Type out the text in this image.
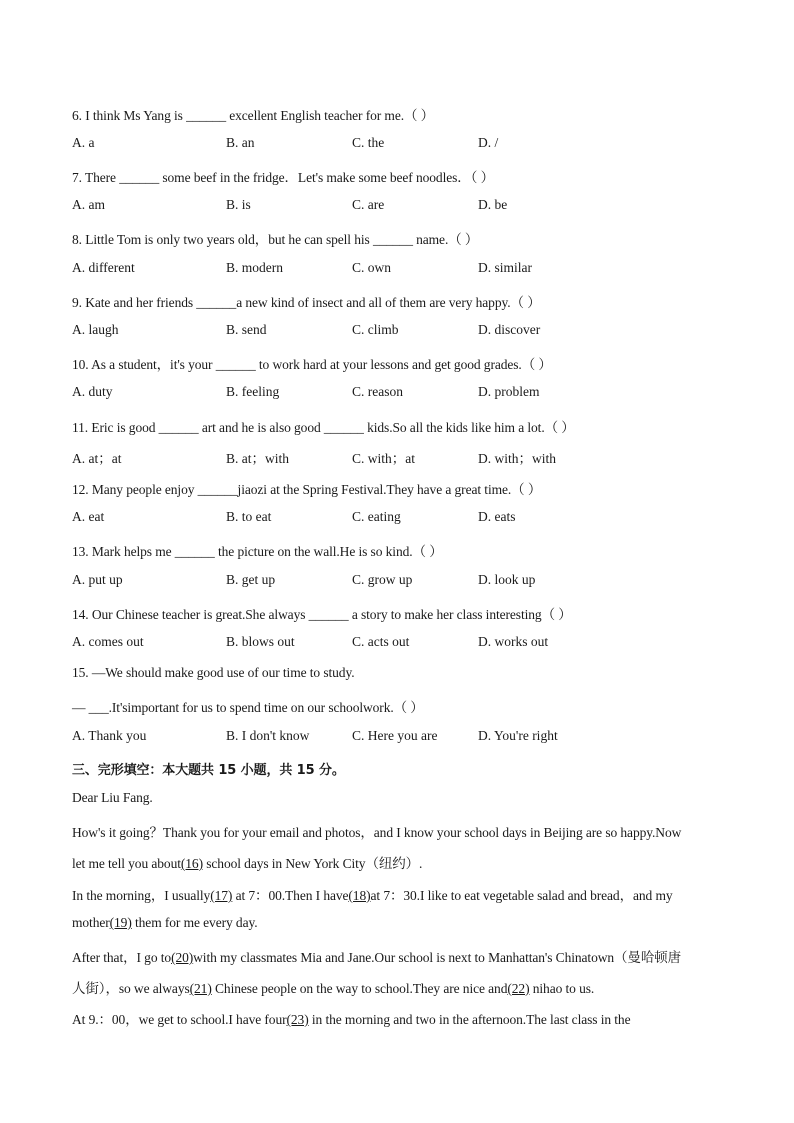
6. I think Ms Yang is ______ excellent English teacher for me.（ ）
A. a	B. an	C. the	D. /
7. There ______ some beef in the fridge．Let's make some beef noodles．（ ）
A. am	B. is	C. are	D. be
8. Little Tom is only two years old，but he can spell his ______ name.（ ）
A. different	B. modern	C. own	D. similar
9. Kate and her friends ______a new kind of insect and all of them are very happy.（ ）
A. laugh	B. send	C. climb	D. discover
10. As a student，it's your ______ to work hard at your lessons and get good grades.（ ）
A. duty	B. feeling	C. reason	D. problem
11. Eric is good ______ art and he is also good ______ kids.So all the kids like him a lot.（ ）
A. at；at	B. at；with	C. with；at	D. with；with
12. Many people enjoy ______jiaozi at the Spring Festival.They have a great time.（ ）
A. eat	B. to eat	C. eating	D. eats
13. Mark helps me ______ the picture on the wall.He is so kind.（ ）
A. put up	B. get up	C. grow up	D. look up
14. Our Chinese teacher is great.She always ______ a story to make her class interesting（ ）
A. comes out	B. blows out	C. acts out	D. works out
15. —We should make good use of our time to study.
— ___.It'simportant for us to spend time on our schoolwork.（ ）
A. Thank you	B. I don't know	C. Here you are	D. You're right
三、完形填空：本大题共 15 小题，共 15 分。
Dear Liu Fang.
How's it going？Thank you for your email and photos，and I know your school days in Beijing are so happy.Now
let me tell you about(16) school days in New York City（纽约）.
In the morning，I usually(17) at 7：00.Then I have(18)at 7：30.I like to eat vegetable salad and bread，and my
mother(19) them for me every day.
After that，I go to(20)with my classmates Mia and Jane.Our school is next to Manhattan's Chinatown（曼哈顿唐
人街），so we always(21) Chinese people on the way to school.They are nice and(22) nihao to us.
At 9.：00，we get to school.I have four(23) in the morning and two in the afternoon.The last class in the
